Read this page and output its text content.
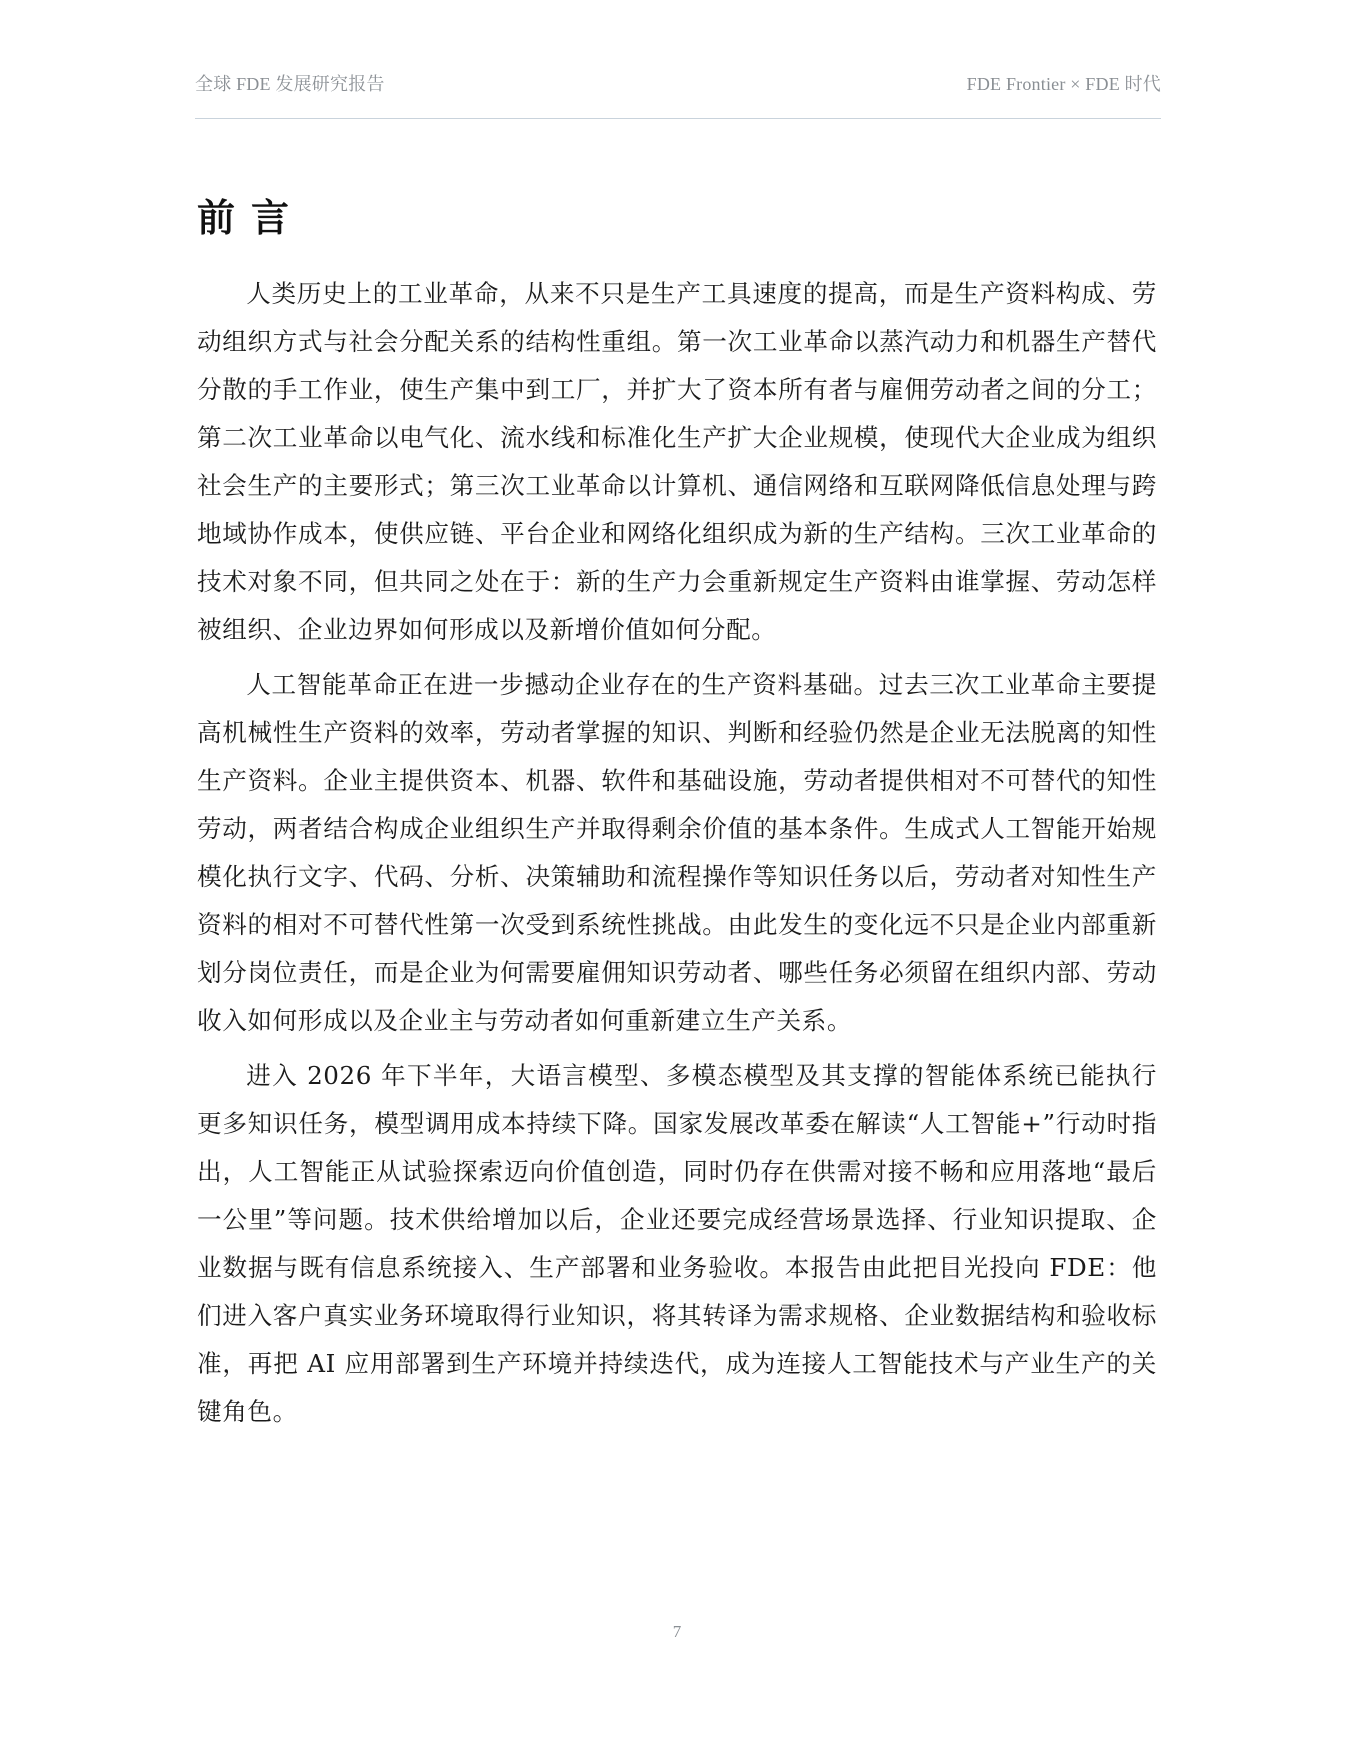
全球 FDE 发展研究报告	FDE Frontier × FDE 时代
前言

人类历史上的工业革命，从来不只是生产工具速度的提高，而是生产资料构成、劳动组织方式与社会分配关系的结构性重组。第一次工业革命以蒸汽动力和机器生产替代分散的手工作业，使生产集中到工厂，并扩大了资本所有者与雇佣劳动者之间的分工；第二次工业革命以电气化、流水线和标准化生产扩大企业规模，使现代大企业成为组织社会生产的主要形式；第三次工业革命以计算机、通信网络和互联网降低信息处理与跨地域协作成本，使供应链、平台企业和网络化组织成为新的生产结构。三次工业革命的技术对象不同，但共同之处在于：新的生产力会重新规定生产资料由谁掌握、劳动怎样被组织、企业边界如何形成以及新增价值如何分配。

人工智能革命正在进一步撼动企业存在的生产资料基础。过去三次工业革命主要提高机械性生产资料的效率，劳动者掌握的知识、判断和经验仍然是企业无法脱离的知性生产资料。企业主提供资本、机器、软件和基础设施，劳动者提供相对不可替代的知性劳动，两者结合构成企业组织生产并取得剩余价值的基本条件。生成式人工智能开始规模化执行文字、代码、分析、决策辅助和流程操作等知识任务以后，劳动者对知性生产资料的相对不可替代性第一次受到系统性挑战。由此发生的变化远不只是企业内部重新划分岗位责任，而是企业为何需要雇佣知识劳动者、哪些任务必须留在组织内部、劳动收入如何形成以及企业主与劳动者如何重新建立生产关系。

进入 2026 年下半年，大语言模型、多模态模型及其支撑的智能体系统已能执行更多知识任务，模型调用成本持续下降。国家发展改革委在解读“人工智能+”行动时指出，人工智能正从试验探索迈向价值创造，同时仍存在供需对接不畅和应用落地“最后一公里”等问题。技术供给增加以后，企业还要完成经营场景选择、行业知识提取、企业数据与既有信息系统接入、生产部署和业务验收。本报告由此把目光投向 FDE：他们进入客户真实业务环境取得行业知识，将其转译为需求规格、企业数据结构和验收标准，再把 AI 应用部署到生产环境并持续迭代，成为连接人工智能技术与产业生产的关键角色。

7
